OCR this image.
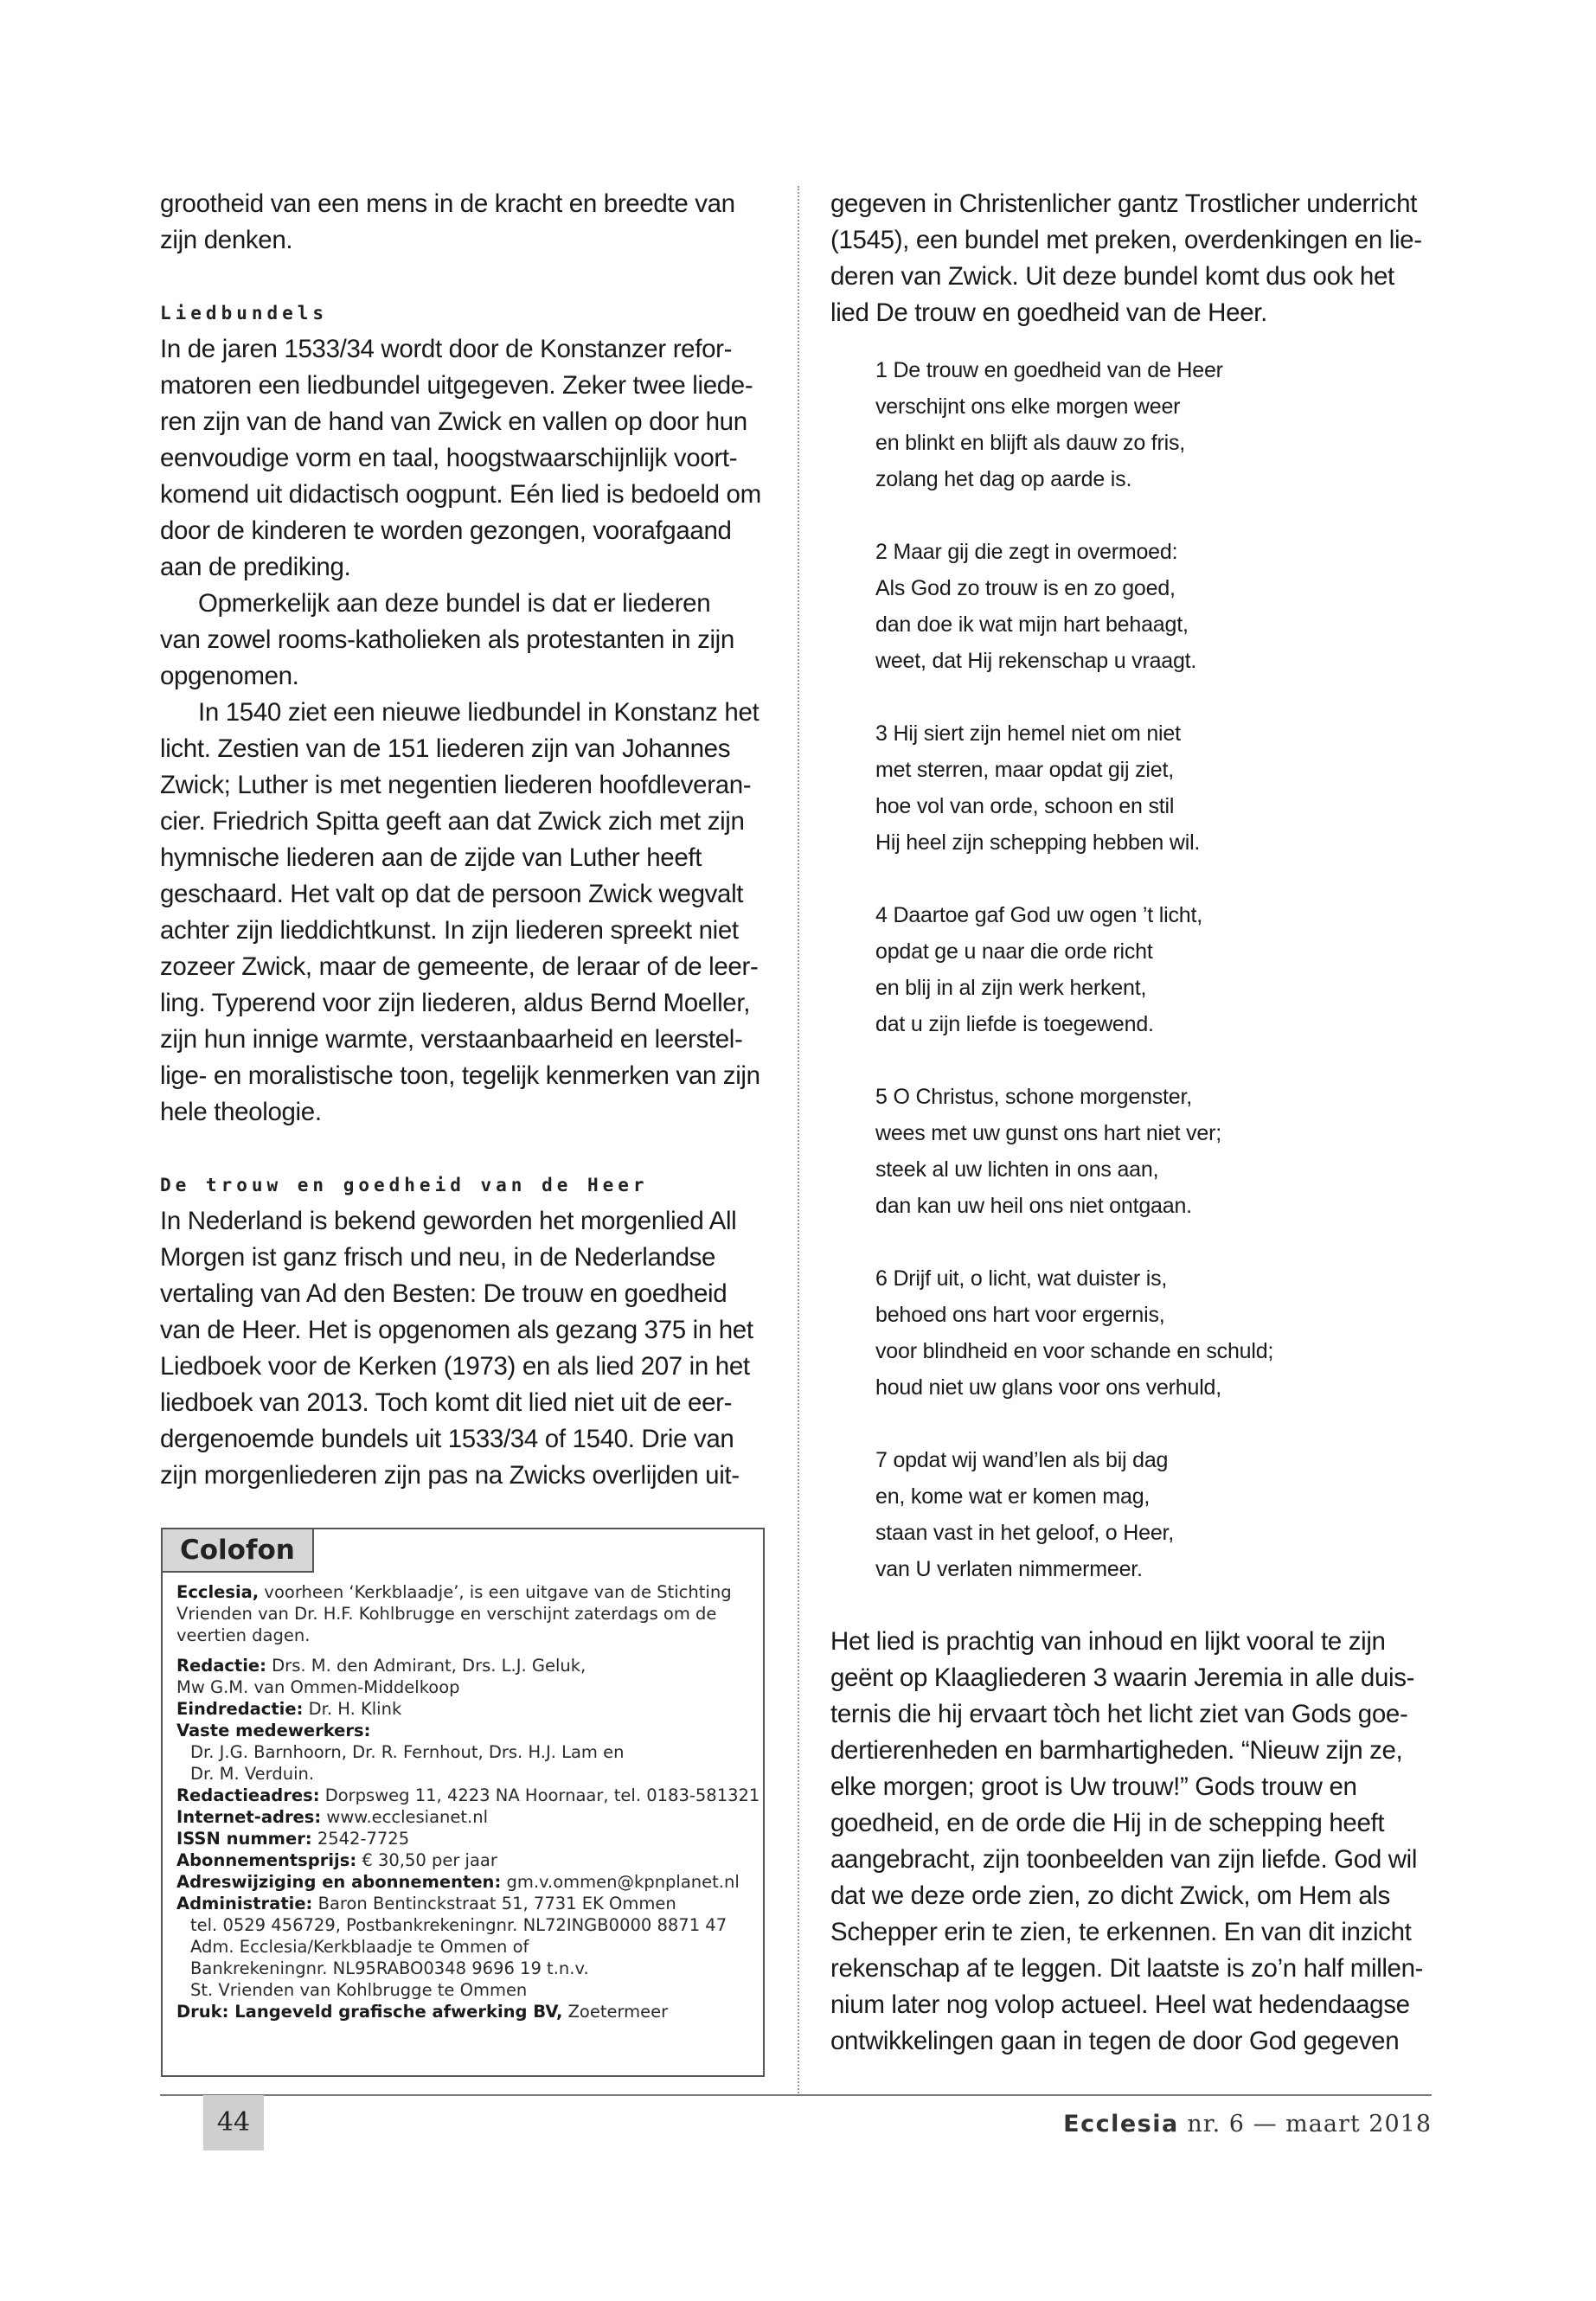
grootheid van een mens in de kracht en breedte van

zijn denken.

Liedbundels

In de jaren 1533/34 wordt door de Konstanzer refor-

matoren een liedbundel uitgegeven. Zeker twee liede-

ren zijn van de hand van Zwick en vallen op door hun

eenvoudige vorm en taal, hoogstwaarschijnlijk voort-

komend uit didactisch oogpunt. Eén lied is bedoeld om

door de kinderen te worden gezongen, voorafgaand

aan de prediking.

Opmerkelijk aan deze bundel is dat er liederen

van zowel rooms-katholieken als protestanten in zijn

opgenomen.

In 1540 ziet een nieuwe liedbundel in Konstanz het

licht. Zestien van de 151 liederen zijn van Johannes

Zwick; Luther is met negentien liederen hoofdleveran-

cier. Friedrich Spitta geeft aan dat Zwick zich met zijn

hymnische liederen aan de zijde van Luther heeft

geschaard. Het valt op dat de persoon Zwick wegvalt

achter zijn lieddichtkunst. In zijn liederen spreekt niet

zozeer Zwick, maar de gemeente, de leraar of de leer-

ling. Typerend voor zijn liederen, aldus Bernd Moeller,

zijn hun innige warmte, verstaanbaarheid en leerstel-

lige- en moralistische toon, tegelijk kenmerken van zijn

hele theologie.

De trouw en goedheid van de Heer

In Nederland is bekend geworden het morgenlied All

Morgen ist ganz frisch und neu, in de Nederlandse

vertaling van Ad den Besten: De trouw en goedheid

van de Heer. Het is opgenomen als gezang 375 in het

Liedboek voor de Kerken (1973) en als lied 207 in het

liedboek van 2013. Toch komt dit lied niet uit de eer-

dergenoemde bundels uit 1533/34 of 1540. Drie van

zijn morgenliederen zijn pas na Zwicks overlijden uit-

Colofon

Ecclesia, voorheen ‘Kerkblaadje’, is een uitgave van de Stichting

Vrienden van Dr. H.F. Kohlbrugge en verschijnt zaterdags om de

veertien dagen.

Redactie: Drs. M. den Admirant, Drs. L.J. Geluk,

Mw G.M. van Ommen-Middelkoop

Eindredactie: Dr. H. Klink

Vaste medewerkers:

Dr. J.G. Barnhoorn, Dr. R. Fernhout, Drs. H.J. Lam en

Dr. M. Verduin.

Redactieadres: Dorpsweg 11, 4223 NA Hoornaar, tel. 0183-581321

Internet-adres: www.ecclesianet.nl

ISSN nummer: 2542-7725

Abonnementsprijs: € 30,50 per jaar

Adreswijziging en abonnementen: gm.v.ommen@kpnplanet.nl

Administratie: Baron Bentinckstraat 51, 7731 EK Ommen

tel. 0529 456729, Postbankrekeningnr. NL72INGB0000 8871 47

Adm. Ecclesia/Kerkblaadje te Ommen of

Bankrekeningnr. NL95RABO0348 9696 19 t.n.v.

St. Vrienden van Kohlbrugge te Ommen

Druk: Langeveld grafische afwerking BV, Zoetermeer

gegeven in Christenlicher gantz Trostlicher underricht

(1545), een bundel met preken, overdenkingen en lie-

deren van Zwick. Uit deze bundel komt dus ook het

lied De trouw en goedheid van de Heer.

1 De trouw en goedheid van de Heer

verschijnt ons elke morgen weer

en blinkt en blijft als dauw zo fris,

zolang het dag op aarde is.

2 Maar gij die zegt in overmoed:

Als God zo trouw is en zo goed,

dan doe ik wat mijn hart behaagt,

weet, dat Hij rekenschap u vraagt.

3 Hij siert zijn hemel niet om niet

met sterren, maar opdat gij ziet,

hoe vol van orde, schoon en stil

Hij heel zijn schepping hebben wil.

4 Daartoe gaf God uw ogen ’t licht,

opdat ge u naar die orde richt

en blij in al zijn werk herkent,

dat u zijn liefde is toegewend.

5 O Christus, schone morgenster,

wees met uw gunst ons hart niet ver;

steek al uw lichten in ons aan,

dan kan uw heil ons niet ontgaan.

6 Drijf uit, o licht, wat duister is,

behoed ons hart voor ergernis,

voor blindheid en voor schande en schuld;

houd niet uw glans voor ons verhuld,

7 opdat wij wand’len als bij dag

en, kome wat er komen mag,

staan vast in het geloof, o Heer,

van U verlaten nimmermeer.

Het lied is prachtig van inhoud en lijkt vooral te zijn

geënt op Klaagliederen 3 waarin Jeremia in alle duis-

ternis die hij ervaart tòch het licht ziet van Gods goe-

dertierenheden en barmhartigheden. “Nieuw zijn ze,

elke morgen; groot is Uw trouw!” Gods trouw en

goedheid, en de orde die Hij in de schepping heeft

aangebracht, zijn toonbeelden van zijn liefde. God wil

dat we deze orde zien, zo dicht Zwick, om Hem als

Schepper erin te zien, te erkennen. En van dit inzicht

rekenschap af te leggen. Dit laatste is zo’n half millen-

nium later nog volop actueel. Heel wat hedendaagse

ontwikkelingen gaan in tegen de door God gegeven

44	Ecclesia nr. 6 — maart 2018
